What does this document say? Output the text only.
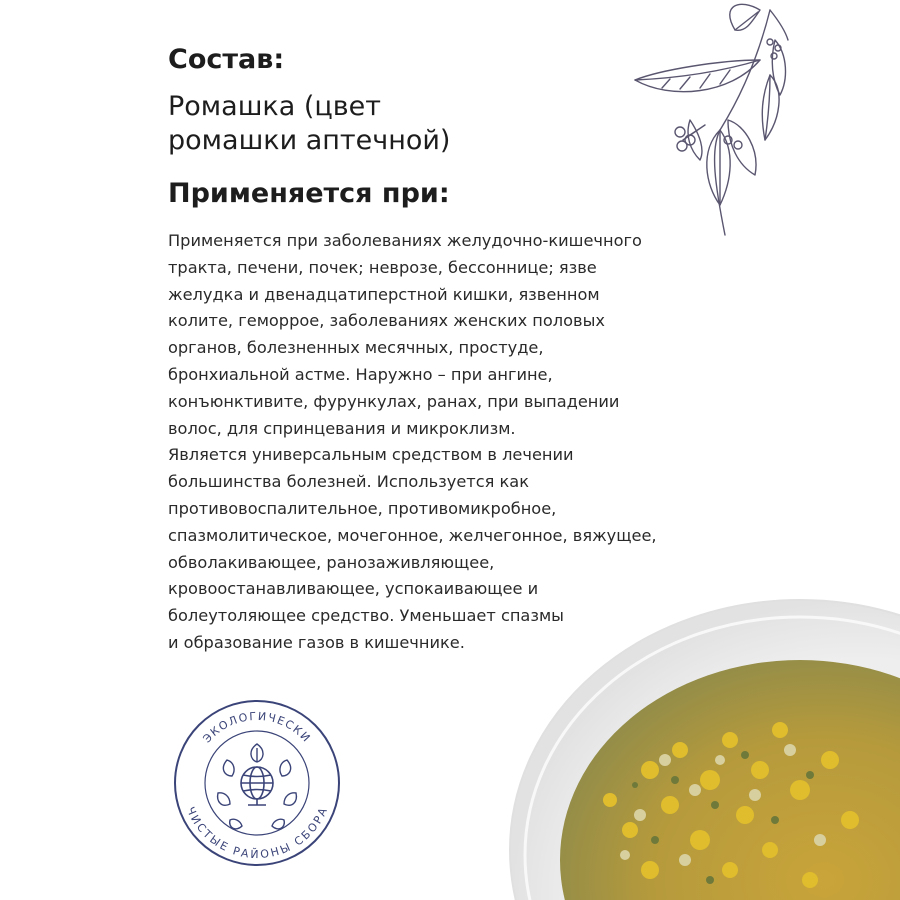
Состав:
Ромашка (цвет
ромашки аптечной)
Применяется при:
Применяется при заболеваниях желудочно-кишечного
тракта, печени, почек; неврозе, бессоннице; язве
желудка и двенадцатиперстной кишки, язвенном
колите, геморрое, заболеваниях женских половых
органов, болезненных месячных, простуде,
бронхиальной астме. Наружно – при ангине,
конъюнктивите, фурункулах, ранах, при выпадении
волос, для спринцевания и микроклизм.
Является универсальным средством в лечении
большинства болезней. Используется как
противовоспалительное, противомикробное,
спазмолитическое, мочегонное, желчегонное, вяжущее,
обволакивающее, ранозаживляющее,
кровоостанавливающее, успокаивающее и
болеутоляющее средство. Уменьшает спазмы
и образование газов в кишечнике.
ЭКОЛОГИЧЕСКИ
ЧИСТЫЕ РАЙОНЫ СБОРА
